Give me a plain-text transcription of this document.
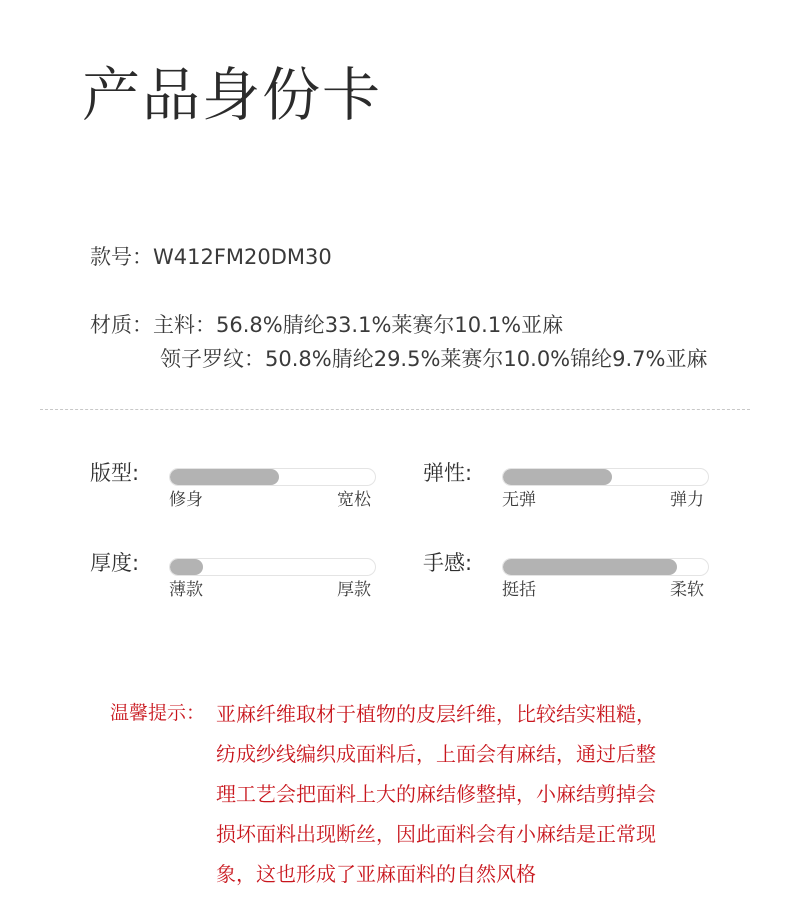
产品身份卡
款号：W412FM20DM30
材质：主料：56.8%腈纶33.1%莱赛尔10.1%亚麻
领子罗纹：50.8%腈纶29.5%莱赛尔10.0%锦纶9.7%亚麻
版型:
修身	宽松
弹性:
无弹	弹力
厚度:
薄款	厚款
手感:
挺括	柔软
温馨提示： 亚麻纤维取材于植物的皮层纤维，比较结实粗糙，
纺成纱线编织成面料后，上面会有麻结，通过后整
理工艺会把面料上大的麻结修整掉，小麻结剪掉会
损坏面料出现断丝，因此面料会有小麻结是正常现
象，这也形成了亚麻面料的自然风格
